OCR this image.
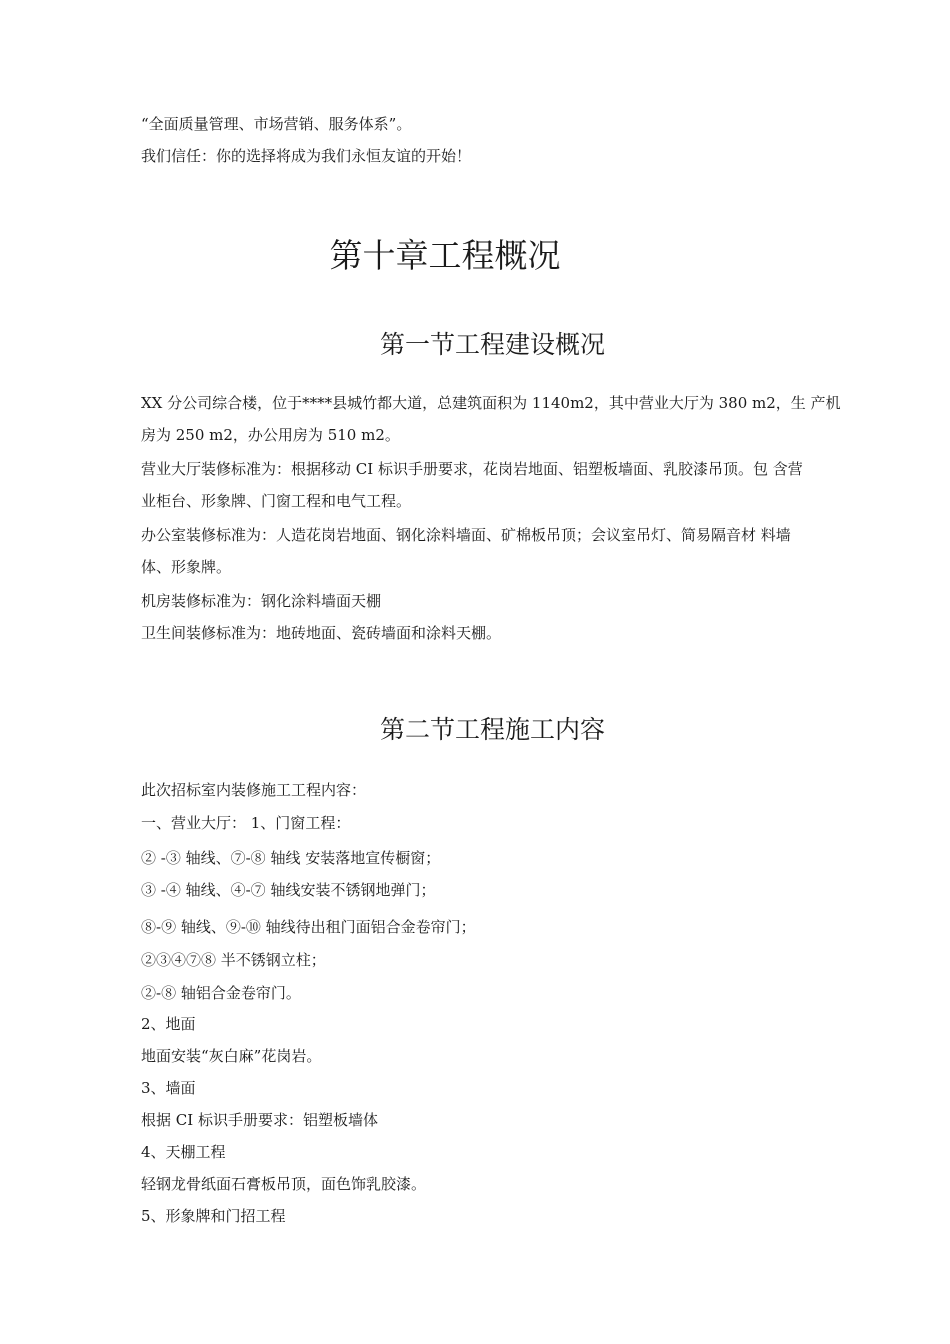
“全面质量管理、市场营销、服务体系”。
我们信任：你的选择将成为我们永恒友谊的开始！
第十章工程概况
第一节工程建设概况
XX 分公司综合楼，位于****县城竹都大道，总建筑面积为 1140m2，其中营业大厅为 380 m2，生 产机
房为 250 m2，办公用房为 510 m2。
营业大厅装修标准为：根据移动 CI 标识手册要求，花岗岩地面、铝塑板墙面、乳胶漆吊顶。包 含营
业柜台、形象牌、门窗工程和电气工程。
办公室装修标准为：人造花岗岩地面、钢化涂料墙面、矿棉板吊顶；会议室吊灯、简易隔音材 料墙
体、形象牌。
机房装修标准为：钢化涂料墙面天棚
卫生间装修标准为：地砖地面、瓷砖墙面和涂料天棚。
第二节工程施工内容
此次招标室内装修施工工程内容：
一、营业大厅： 1、门窗工程：
② -③ 轴线、⑦-⑧ 轴线 安装落地宣传橱窗；
③ -④ 轴线、④-⑦ 轴线安装不锈钢地弹门；
⑧-⑨ 轴线、⑨-⑩ 轴线待出租门面铝合金卷帘门；
②③④⑦⑧ 半不锈钢立柱；
②-⑧ 轴铝合金卷帘门。
2、地面
地面安装“灰白麻”花岗岩。
3、墙面
根据 CI 标识手册要求：铝塑板墙体
4、天棚工程
轻钢龙骨纸面石膏板吊顶，面色饰乳胶漆。
5、形象牌和门招工程
